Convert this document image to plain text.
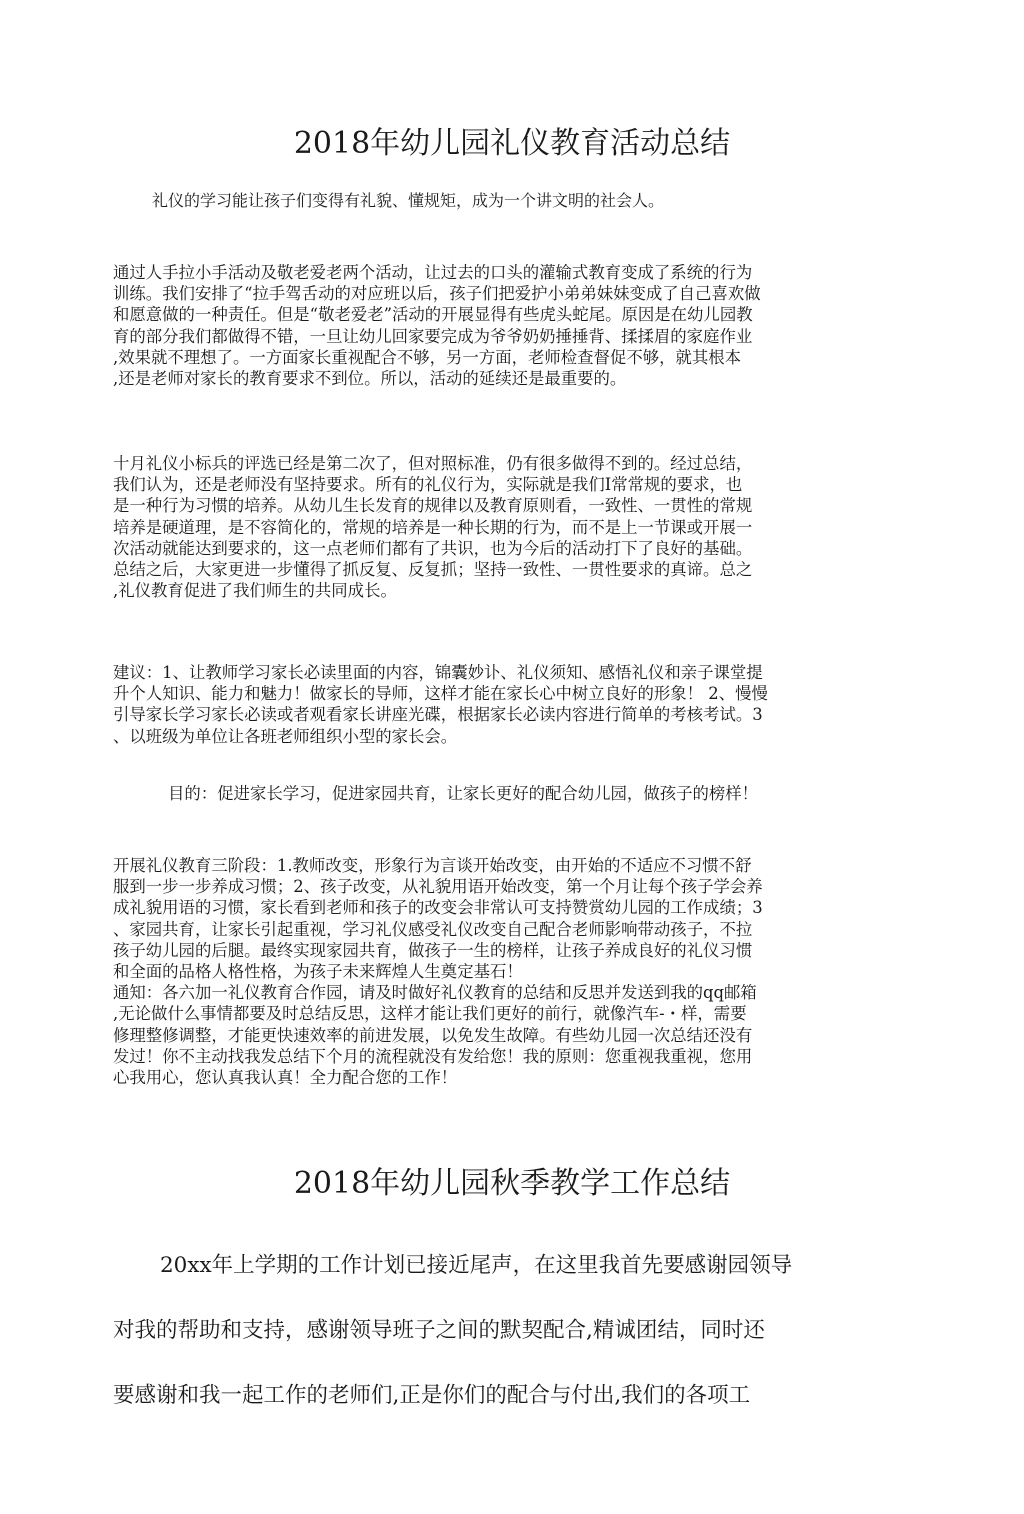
2018年幼儿园礼仪教育活动总结
礼仪的学习能让孩子们变得有礼貌、懂规矩，成为一个讲文明的社会人。
通过人手拉小手活动及敬老爱老两个活动，让过去的口头的灌输式教育变成了系统的行为
训练。我们安排了“拉手驾舌动的对应班以后，孩子们把爱护小弟弟妹妹变成了自己喜欢做
和愿意做的一种责任。但是“敬老爱老”活动的开展显得有些虎头蛇尾。原因是在幼儿园教
育的部分我们都做得不错，一旦让幼儿回家要完成为爷爷奶奶捶捶背、揉揉眉的家庭作业
,效果就不理想了。一方面家长重视配合不够，另一方面，老师检查督促不够，就其根本
,还是老师对家长的教育要求不到位。所以，活动的延续还是最重要的。
十月礼仪小标兵的评选已经是第二次了，但对照标准，仍有很多做得不到的。经过总结，
我们认为，还是老师没有坚持要求。所有的礼仪行为，实际就是我们I常常规的要求，也
是一种行为习惯的培养。从幼儿生长发育的规律以及教育原则看，一致性、一贯性的常规
培养是硬道理，是不容简化的，常规的培养是一种长期的行为，而不是上一节课或开展一
次活动就能达到要求的，这一点老师们都有了共识，也为今后的活动打下了良好的基础。
总结之后，大家更进一步懂得了抓反复、反复抓；坚持一致性、一贯性要求的真谛。总之
,礼仪教育促进了我们师生的共同成长。
建议：1、让教师学习家长必读里面的内容，锦囊妙讣、礼仪须知、感悟礼仪和亲子课堂提
升个人知识、能力和魅力！做家长的导师，这样才能在家长心中树立良好的形象！ 2、慢慢
引导家长学习家长必读或者观看家长讲座光碟，根据家长必读内容进行简单的考核考试。3
、以班级为单位让各班老师组织小型的家长会。
目的：促进家长学习，促进家园共育，让家长更好的配合幼儿园，做孩子的榜样！
开展礼仪教育三阶段：1.教师改变，形象行为言谈开始改变，由开始的不适应不习惯不舒
服到一步一步养成习惯；2、孩子改变，从礼貌用语开始改变，第一个月让每个孩子学会养
成礼貌用语的习惯，家长看到老师和孩子的改变会非常认可支持赞赏幼儿园的工作成绩；3
、家园共育，让家长引起重视，学习礼仪感受礼仪改变自己配合老师影响带动孩子，不拉
孩子幼儿园的后腿。最终实现家园共育，做孩子一生的榜样，让孩子养成良好的礼仪习惯
和全面的品格人格性格，为孩子未来辉煌人生奠定基石！
通知：各六加一礼仪教育合作园，请及时做好礼仪教育的总结和反思并发送到我的qq邮箱
,无论做什么事情都要及时总结反思，这样才能让我们更好的前行，就像汽车-・样，需要
修理整修调整，才能更快速效率的前进发展，以免发生故障。有些幼儿园一次总结还没有
发过！你不主动找我发总结下个月的流程就没有发给您！我的原则：您重视我重视，您用
心我用心，您认真我认真！全力配合您的工作！
2018年幼儿园秋季教学工作总结
20xx年上学期的工作计划已接近尾声，在这里我首先要感谢园领导
对我的帮助和支持，感谢领导班子之间的默契配合,精诚团结，同时还
要感谢和我一起工作的老师们,正是你们的配合与付出,我们的各项工
